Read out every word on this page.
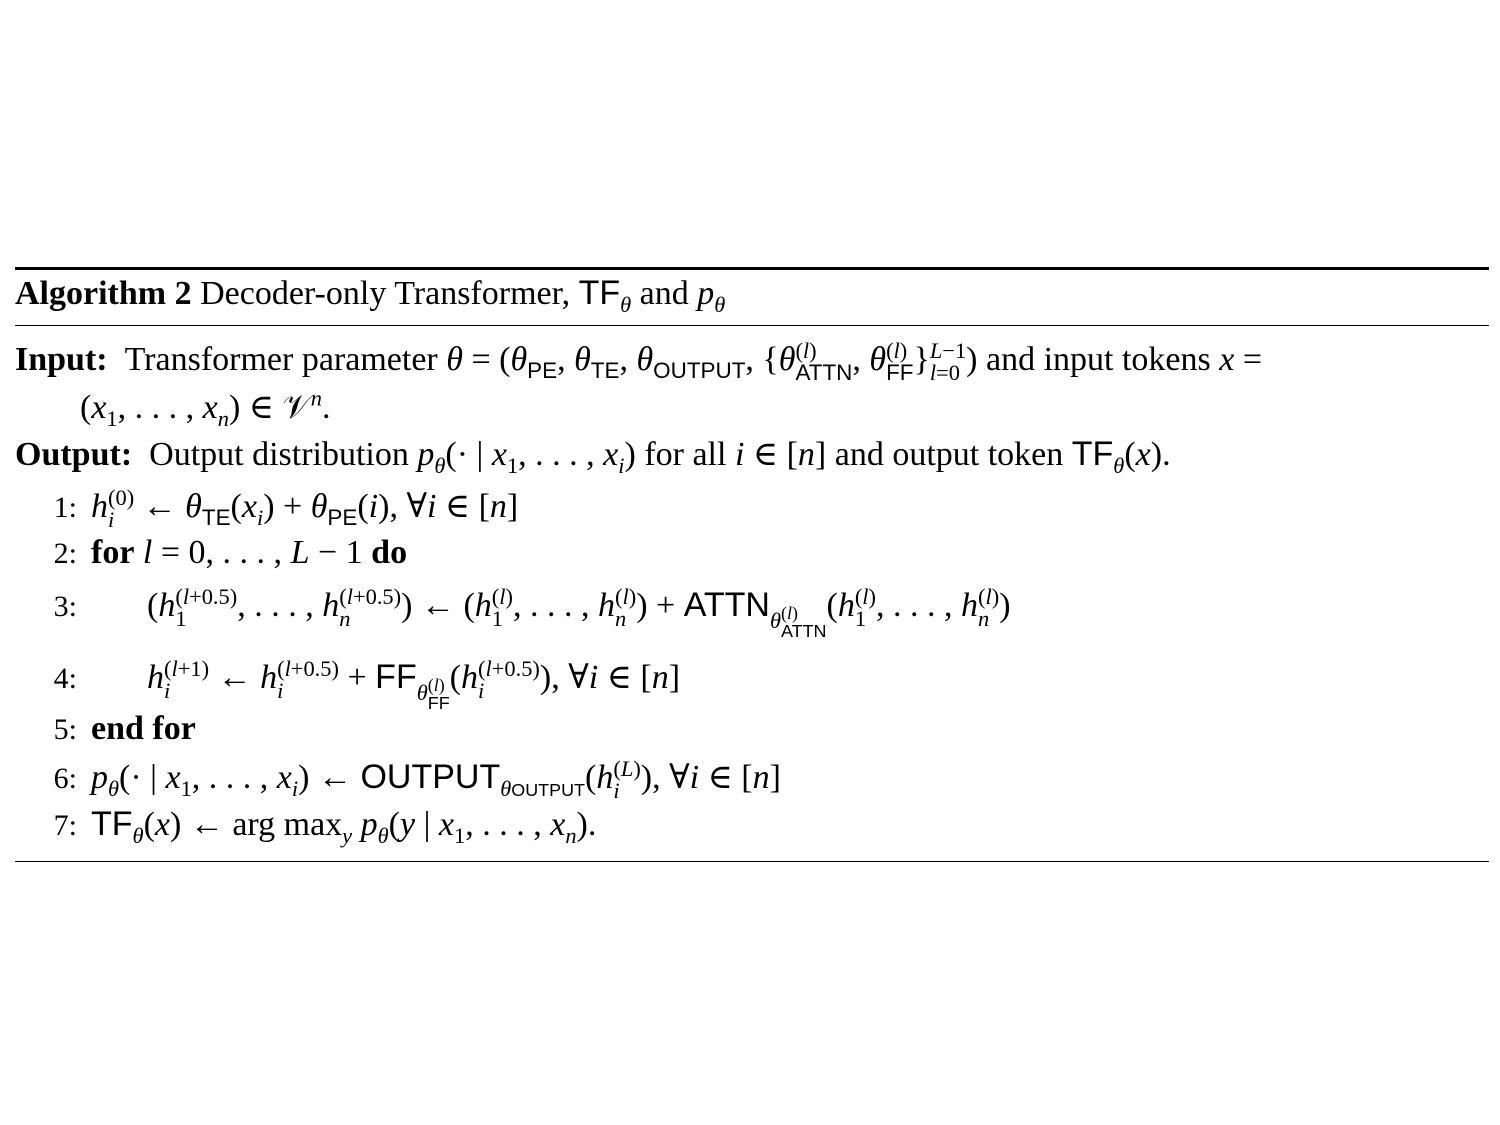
Algorithm 2 Decoder-only Transformer, $TF_\theta$ and $p_\theta$
Input:  Transformer parameter $\theta = (\theta_{PE}$, $\theta_{TE}$, $\theta_{OUTPUT}$, {θ (l)
ATTN , θ (l)
FF } L−1
l=0 ) and input tokens x =
($x_1$, . . . , $x_n$) ∈ 𝒱$^n$.
Output:  Output distribution $p_\theta(\cdot$ | $x_1$, . . . , $x_i$) for all i ∈ [n] and output token $TF_\theta(x)$.
1: h (0)
i ← $\theta_{TE}(x_i) + \theta_{PE}(i)$, ∀i ∈ [n]
2: for l = 0, . . . , L − 1 do
3: (h (l+0.5)
1	, . . . , h (l+0.5)
n	) ← (h (l)
1 , . . . , h (l)
n ) + $ATTN_{\theta (l) ATTN}$
(h (l)
1 , . . . , h (l)
n )
4: h (l+1)
i	← h (l+0.5)
i	+ $FF_{\theta (l) FF}$
(h (l+0.5)
i	), ∀i ∈ [n]
5: end for
6: $p_\theta(\cdot$ | $x_1$, . . . , $x_i$) ← $OUTPUT_{\theta OUTPUT}(h$ (L)
i ), ∀i ∈ [n]
7: $TF_\theta(x)$ ← arg $\max_y p_\theta(y$ | $x_1$, . . . , $x_n$).
